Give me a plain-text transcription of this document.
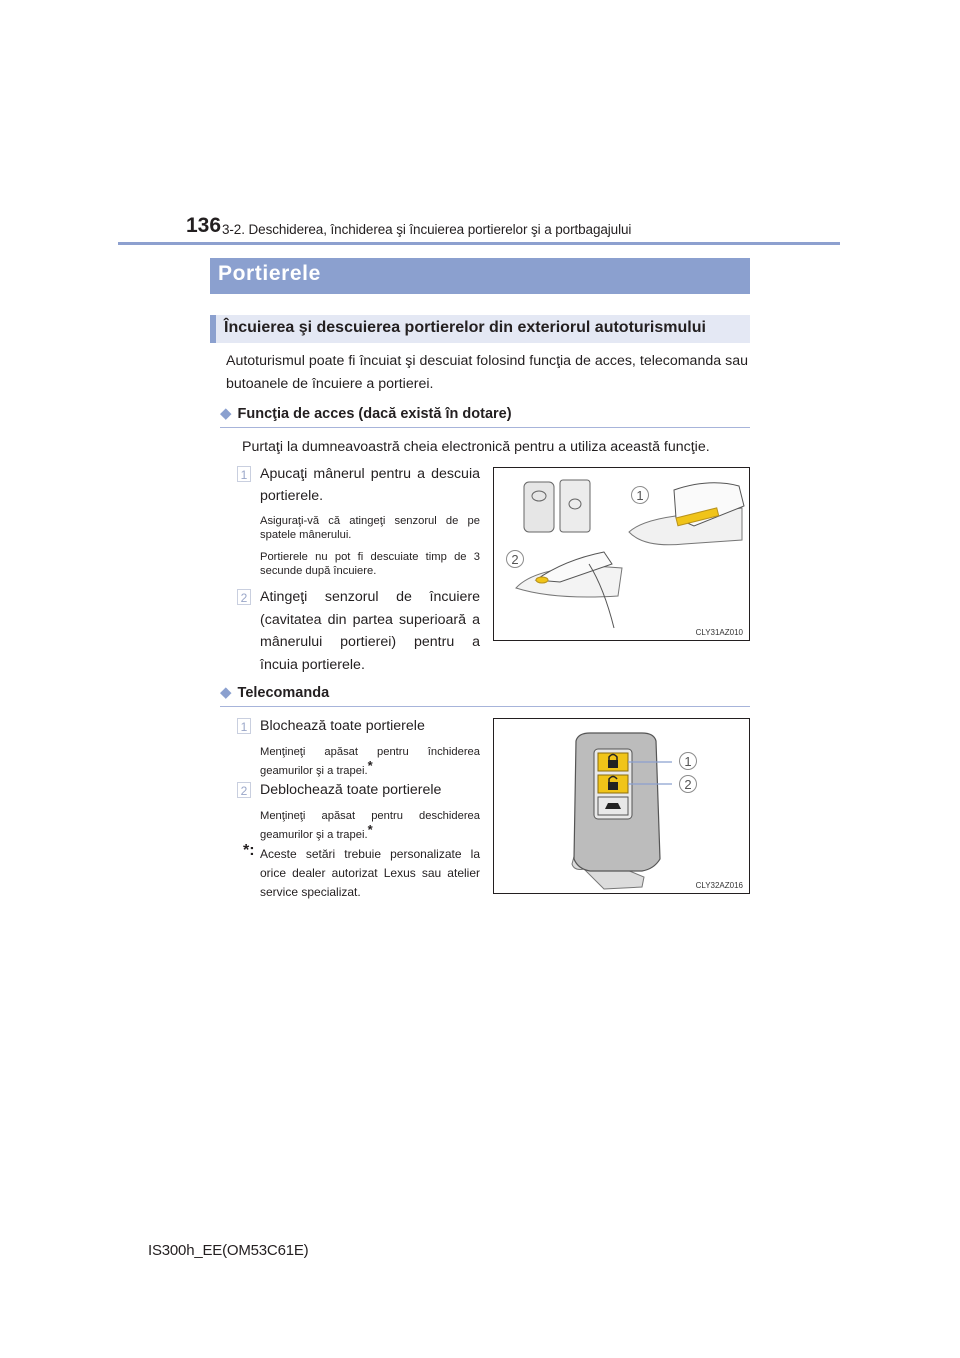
136 3-2. Deschiderea, închiderea şi încuierea portierelor şi a portbagajului
Portierele
Încuierea şi descuierea portierelor din exteriorul autoturismului
Autoturismul poate fi încuiat şi descuiat folosind funcţia de acces, telecomanda sau butoanele de încuiere a portierei.
◆ Funcţia de acces (dacă există în dotare)
Purtaţi la dumneavoastră cheia electronică pentru a utiliza această funcţie.
1 Apucaţi mânerul pentru a descuia portierele.
Asiguraţi-vă că atingeţi senzorul de pe spatele mânerului.
Portierele nu pot fi descuiate timp de 3 secunde după încuiere.
2 Atingeţi senzorul de încuiere (cavitatea din partea superioară a mânerului portierei) pentru a încuia portierele.
1
2
CLY31AZ010
◆ Telecomanda
1 Blochează toate portierele
Menţineţi apăsat pentru închiderea geamurilor şi a trapei.*
2 Deblochează toate portierele
Menţineţi apăsat pentru deschiderea geamurilor şi a trapei.*
*: Aceste setări trebuie personalizate la orice dealer autorizat Lexus sau atelier service specializat.
1
2
CLY32AZ016
IS300h_EE(OM53C61E)
